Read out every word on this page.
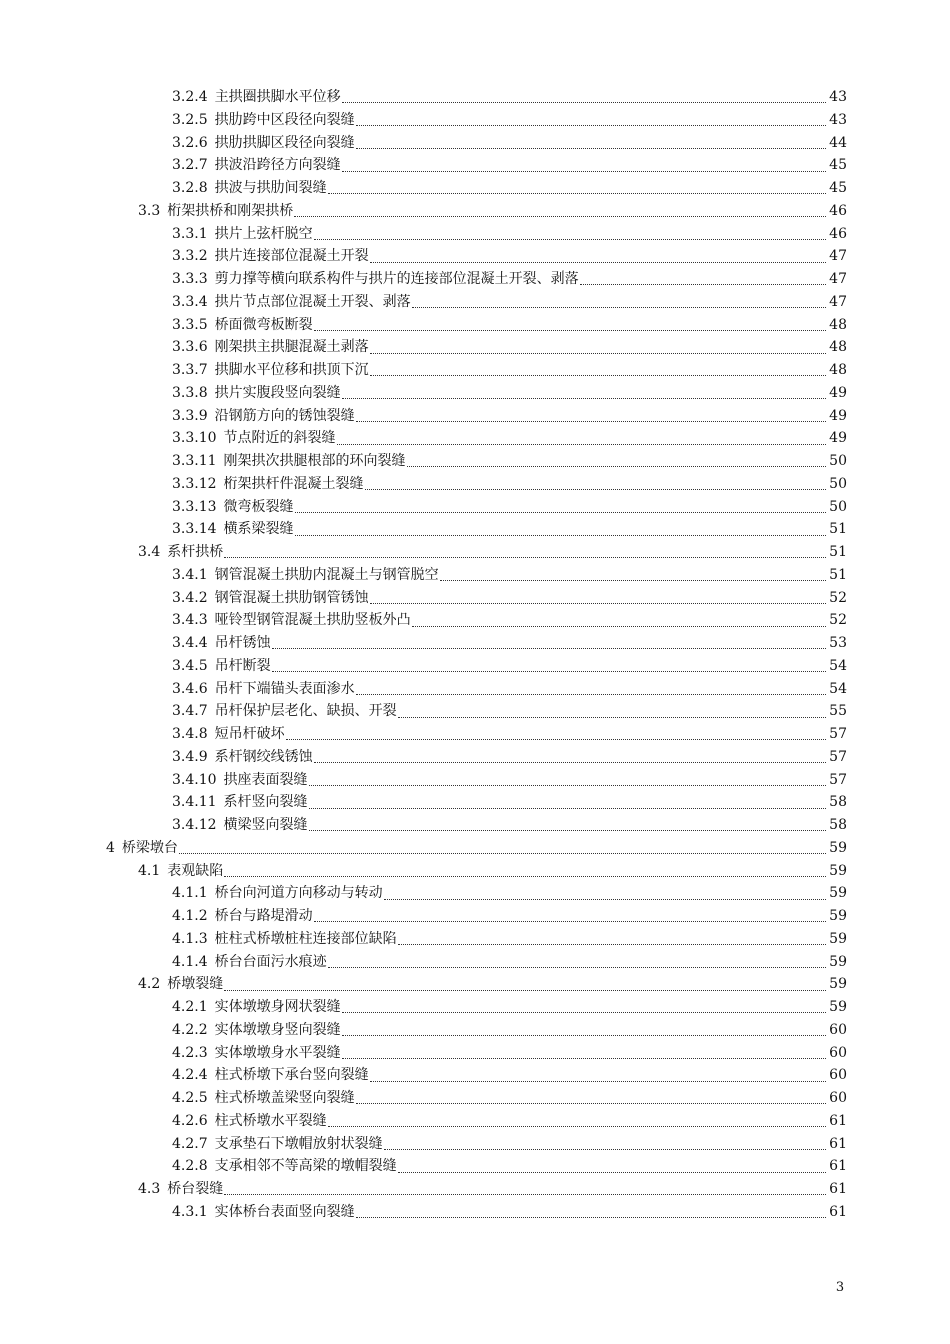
3.2.4 主拱圈拱脚水平位移	43
3.2.5 拱肋跨中区段径向裂缝	43
3.2.6 拱肋拱脚区段径向裂缝	44
3.2.7 拱波沿跨径方向裂缝	45
3.2.8 拱波与拱肋间裂缝	45
3.3 桁架拱桥和刚架拱桥	46
3.3.1 拱片上弦杆脱空	46
3.3.2 拱片连接部位混凝土开裂	47
3.3.3 剪力撑等横向联系构件与拱片的连接部位混凝土开裂、剥落	47
3.3.4 拱片节点部位混凝土开裂、剥落	47
3.3.5 桥面微弯板断裂	48
3.3.6 刚架拱主拱腿混凝土剥落	48
3.3.7 拱脚水平位移和拱顶下沉	48
3.3.8 拱片实腹段竖向裂缝	49
3.3.9 沿钢筋方向的锈蚀裂缝	49
3.3.10 节点附近的斜裂缝	49
3.3.11 刚架拱次拱腿根部的环向裂缝	50
3.3.12 桁架拱杆件混凝土裂缝	50
3.3.13 微弯板裂缝	50
3.3.14 横系梁裂缝	51
3.4 系杆拱桥	51
3.4.1 钢管混凝土拱肋内混凝土与钢管脱空	51
3.4.2 钢管混凝土拱肋钢管锈蚀	52
3.4.3 哑铃型钢管混凝土拱肋竖板外凸	52
3.4.4 吊杆锈蚀	53
3.4.5 吊杆断裂	54
3.4.6 吊杆下端锚头表面渗水	54
3.4.7 吊杆保护层老化、缺损、开裂	55
3.4.8 短吊杆破坏	57
3.4.9 系杆钢绞线锈蚀	57
3.4.10 拱座表面裂缝	57
3.4.11 系杆竖向裂缝	58
3.4.12 横梁竖向裂缝	58
4 桥梁墩台	59
4.1 表观缺陷	59
4.1.1 桥台向河道方向移动与转动	59
4.1.2 桥台与路堤滑动	59
4.1.3 桩柱式桥墩桩柱连接部位缺陷	59
4.1.4 桥台台面污水痕迹	59
4.2 桥墩裂缝	59
4.2.1 实体墩墩身网状裂缝	59
4.2.2 实体墩墩身竖向裂缝	60
4.2.3 实体墩墩身水平裂缝	60
4.2.4 柱式桥墩下承台竖向裂缝	60
4.2.5 柱式桥墩盖梁竖向裂缝	60
4.2.6 柱式桥墩水平裂缝	61
4.2.7 支承垫石下墩帽放射状裂缝	61
4.2.8 支承相邻不等高梁的墩帽裂缝	61
4.3 桥台裂缝	61
4.3.1 实体桥台表面竖向裂缝	61
3
